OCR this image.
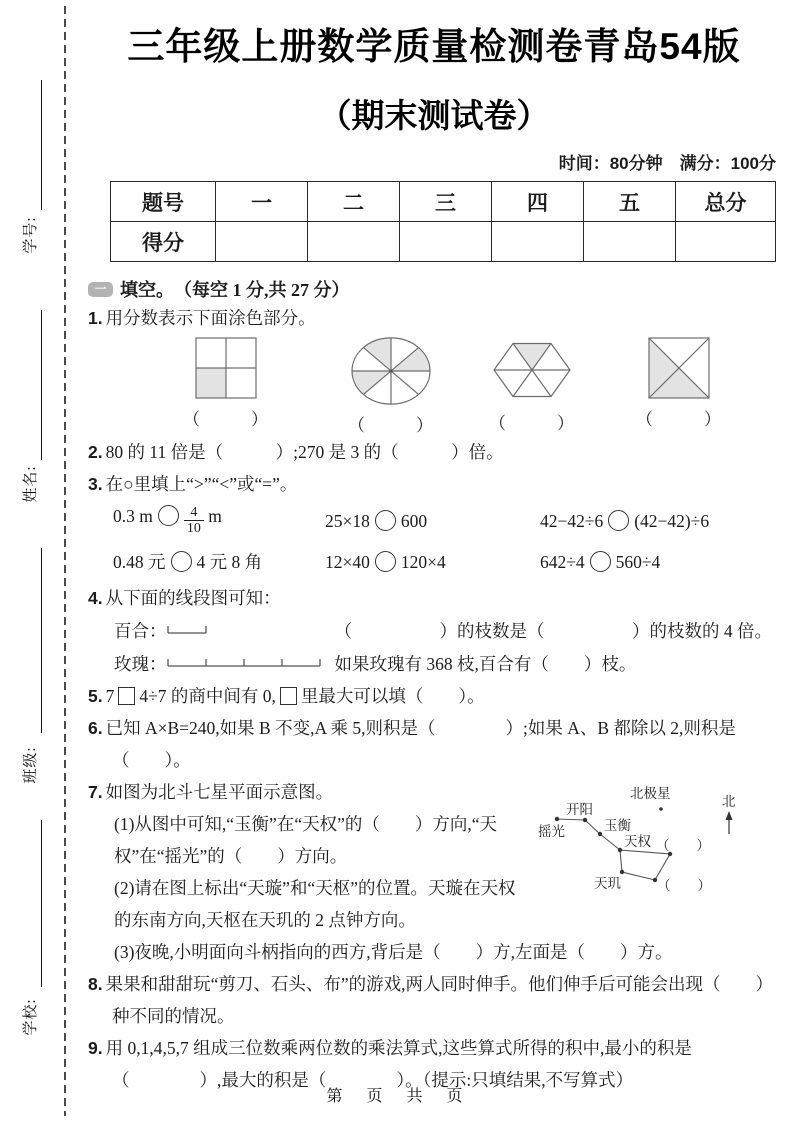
学号:
姓名:
班级:
学校:
三年级上册数学质量检测卷青岛54版
（期末测试卷）
时间：80分钟　满分：100分
题号	一	二	三	四	五	总分
得分						
一 填空。 （每空 1 分,共 27 分）

1. 用分数表示下面涂色部分。

（　　　）	（　　　）	（　　　）	（　　　）

2. 80 的 11 倍是（　　　）;270 是 3 的（　　　）倍。

3. 在○里填上“>”“<”或“=”。

0.3 m $\frac{4}{10}$ m	25×18 600	42−42÷6 (42−42)÷6
0.48 元 4 元 8 角	12×40 120×4	642÷4 560÷4

4. 从下面的线段图可知：

百合：	（　　　　　）的枝数是（　　　　　）的枝数的 4 倍。
玫瑰：	如果玫瑰有 368 枝,百合有（　　）枝。

5. 7 4÷7 的商中间有 0, 里最大可以填（　　）。

6. 已知 A×B=240,如果 B 不变,A 乘 5,则积是（　　　　）;如果 A、B 都除以 2,则积是（　　）。

北极星
北
开阳
摇光	玉衡
天权 （　　）
天玑	（　　）

7. 如图为北斗七星平面示意图。

(1)从图中可知,“玉衡”在“天权”的（　　）方向,“天权”在“摇光”的（　　）方向。

(2)请在图上标出“天璇”和“天枢”的位置。天璇在天权的东南方向,天枢在天玑的 2 点钟方向。

(3)夜晚,小明面向斗柄指向的西方,背后是（　　）方,左面是（　　）方。

8. 果果和甜甜玩“剪刀、石头、布”的游戏,两人同时伸手。他们伸手后可能会出现（　　）种不同的情况。

9. 用 0,1,4,5,7 组成三位数乘两位数的乘法算式,这些算式所得的积中,最小的积是（　　　　）,最大的积是（　　　　）。（提示:只填结果,不写算式）

第　页　共　页
